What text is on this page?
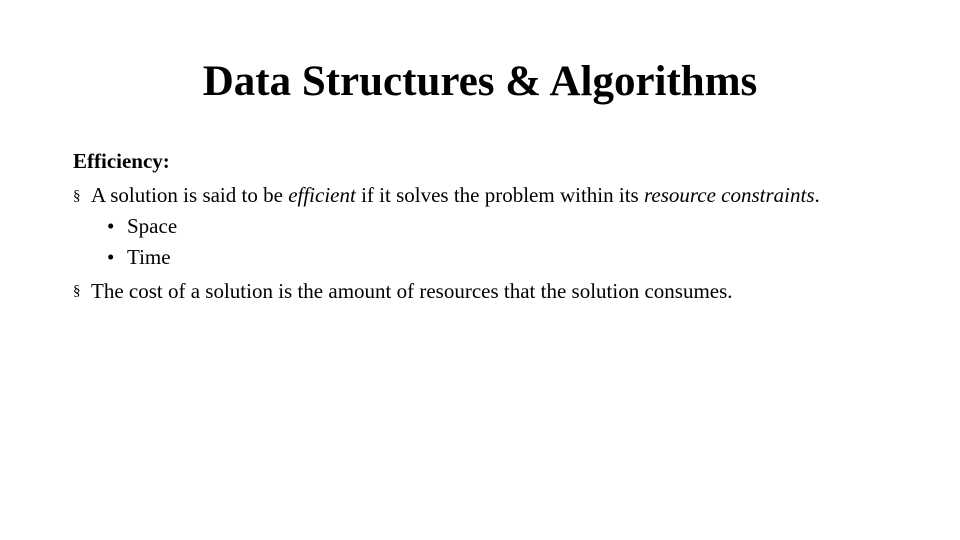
Data Structures & Algorithms
Efficiency:
§ A solution is said to be efficient if it solves the problem within its resource constraints.
• Space
• Time
§ The cost of a solution is the amount of resources that the solution consumes.
